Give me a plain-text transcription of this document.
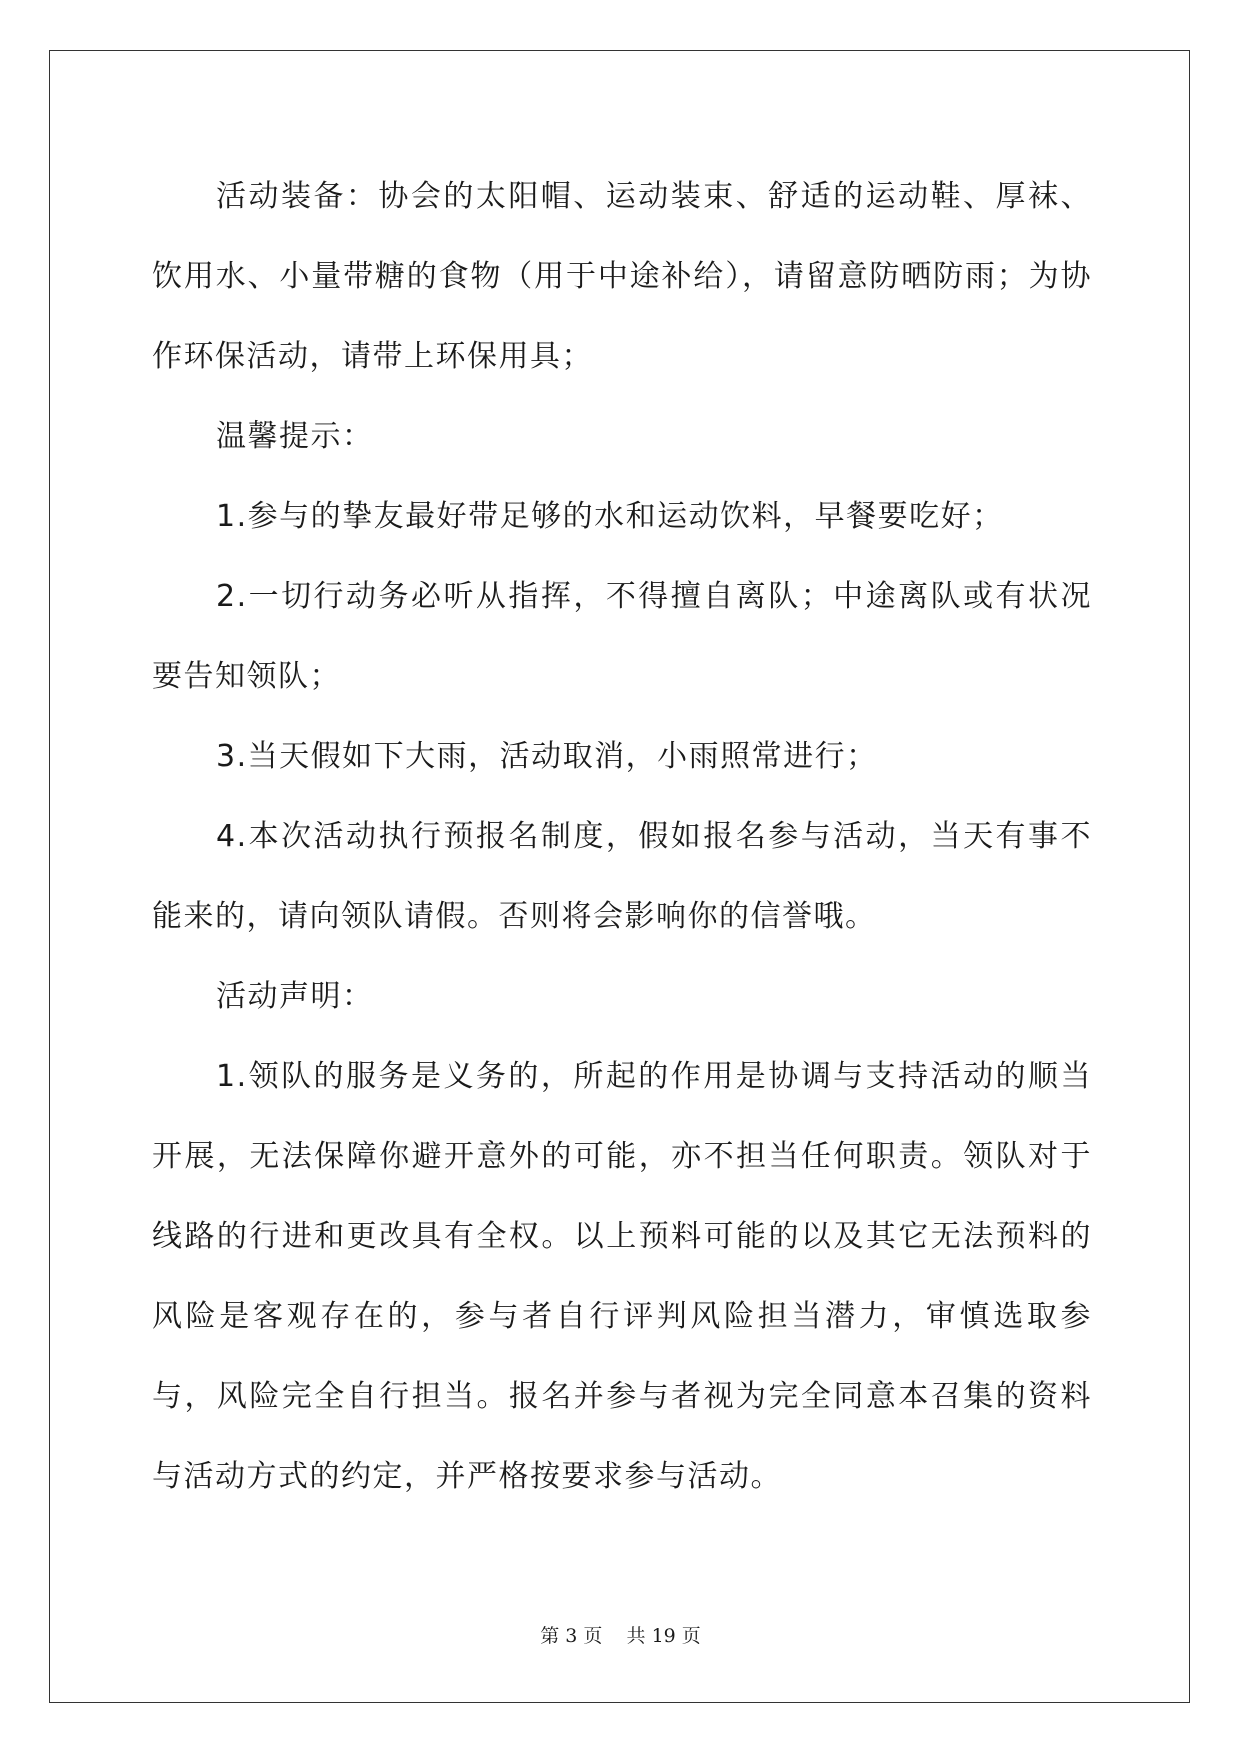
活动装备：协会的太阳帽、运动装束、舒适的运动鞋、厚袜、饮用水、小量带糖的食物（用于中途补给），请留意防晒防雨；为协作环保活动，请带上环保用具；

温馨提示：

1.参与的挚友最好带足够的水和运动饮料，早餐要吃好；

2.一切行动务必听从指挥，不得擅自离队；中途离队或有状况要告知领队；

3.当天假如下大雨，活动取消，小雨照常进行；

4.本次活动执行预报名制度，假如报名参与活动，当天有事不能来的，请向领队请假。否则将会影响你的信誉哦。

活动声明：

1.领队的服务是义务的，所起的作用是协调与支持活动的顺当开展，无法保障你避开意外的可能，亦不担当任何职责。领队对于线路的行进和更改具有全权。以上预料可能的以及其它无法预料的风险是客观存在的，参与者自行评判风险担当潜力，审慎选取参与，风险完全自行担当。报名并参与者视为完全同意本召集的资料与活动方式的约定，并严格按要求参与活动。

第 3 页    共 19 页
